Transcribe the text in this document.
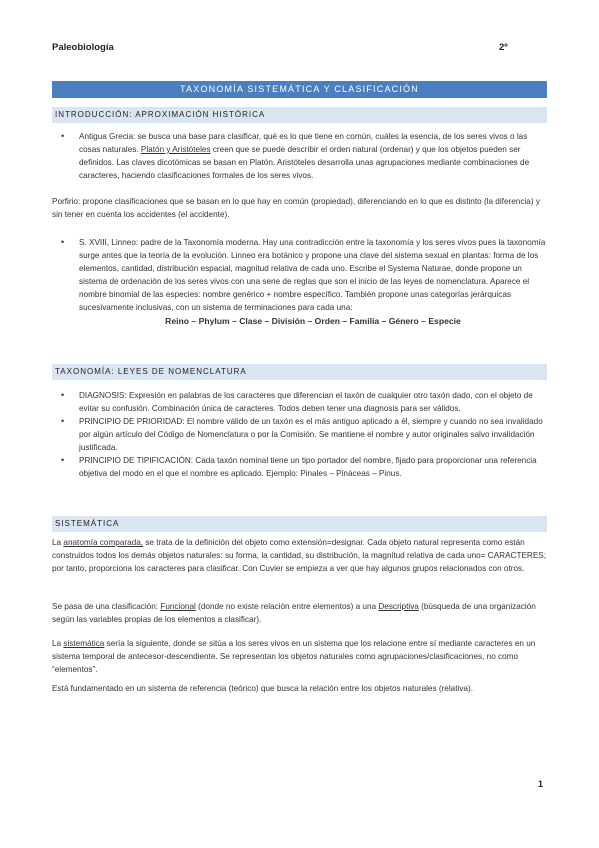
Paleobiología	2º
TAXONOMÍA SISTEMÁTICA Y CLASIFICACIÓN
INTRODUCCIÓN: APROXIMACIÓN HISTÓRICA
• Antigua Grecia: se busca una base para clasificar, qué es lo que tiene en común, cuáles la esencia, de los seres vivos o las cosas naturales. Platón y Aristóteles creen que se puede describir el orden natural (ordenar) y que los objetos pueden ser definidos. Las claves dicotómicas se basan en Platón. Aristóteles desarrolla unas agrupaciones mediante combinaciones de caracteres, haciendo clasificaciones formales de los seres vivos.
Porfirio: propone clasificaciones que se basan en lo que hay en común (propiedad), diferenciando en lo que es distinto (la diferencia) y sin tener en cuenta los accidentes (el accidente).
• S. XVIII, Linneo: padre de la Taxonomía moderna. Hay una contradicción entre la taxonomía y los seres vivos pues la taxonomía surge antes que la teoría de la evolución. Linneo era botánico y propone una clave del sistema sexual en plantas: forma de los elementos, cantidad, distribución espacial, magnitud relativa de cada uno. Escribe el Systema Naturae, donde propone un sistema de ordenación de los seres vivos con una serie de reglas que son el inicio de las leyes de nomenclatura. Aparece el nombre binomial de las especies: nombre genérico + nombre específico. También propone unas categorías jerárquicas sucesivamente inclusivas, con un sistema de terminaciones para cada una:
Reino – Phylum – Clase – División – Orden – Familia – Género – Especie
TAXONOMÍA: LEYES DE NOMENCLATURA
• DIAGNOSIS: Expresión en palabras de los caracteres que diferencian el taxón de cualquier otro taxón dado, con el objeto de evitar su confusión. Combinación única de caracteres. Todos deben tener una diagnosis para ser válidos.
• PRINCIPIO DE PRIORIDAD: El nombre válido de un taxón es el más antiguo aplicado a él, siempre y cuando no sea invalidado por algún artículo del Código de Nomenclatura o por la Comisión. Se mantiene el nombre y autor originales salvo invalidación justificada.
• PRINCIPIO DE TIPIFICACIÓN: Cada taxón nominal tiene un tipo portador del nombre, fijado para proporcionar una referencia objetiva del modo en el que el nombre es aplicado. Ejemplo: Pinales – Pináceas – Pinus.
SISTEMÁTICA
La anatomía comparada, se trata de la definición del objeto como extensión=designar. Cada objeto natural representa como están construidos todos los demás objetos naturales: su forma, la cantidad, su distribución, la magnitud relativa de cada uno= CARACTERES; por tanto, proporciona los caracteres para clasificar. Con Cuvier se empieza a ver que hay algunos grupos relacionados con otros.
Se pasa de una clasificación: Funcional (donde no existe relación entre elementos) a una Descriptiva (búsqueda de una organización según las variables propias de los elementos a clasificar).
La sistemática sería la siguiente, donde se sitúa a los seres vivos en un sistema que los relacione entre sí mediante caracteres en un sistema temporal de antecesor-descendiente. Se representan los objetos naturales como agrupaciones/clasificaciones, no como “elementos”.
Está fundamentado en un sistema de referencia (teórico) que busca la relación entre los objetos naturales (relativa).
1
